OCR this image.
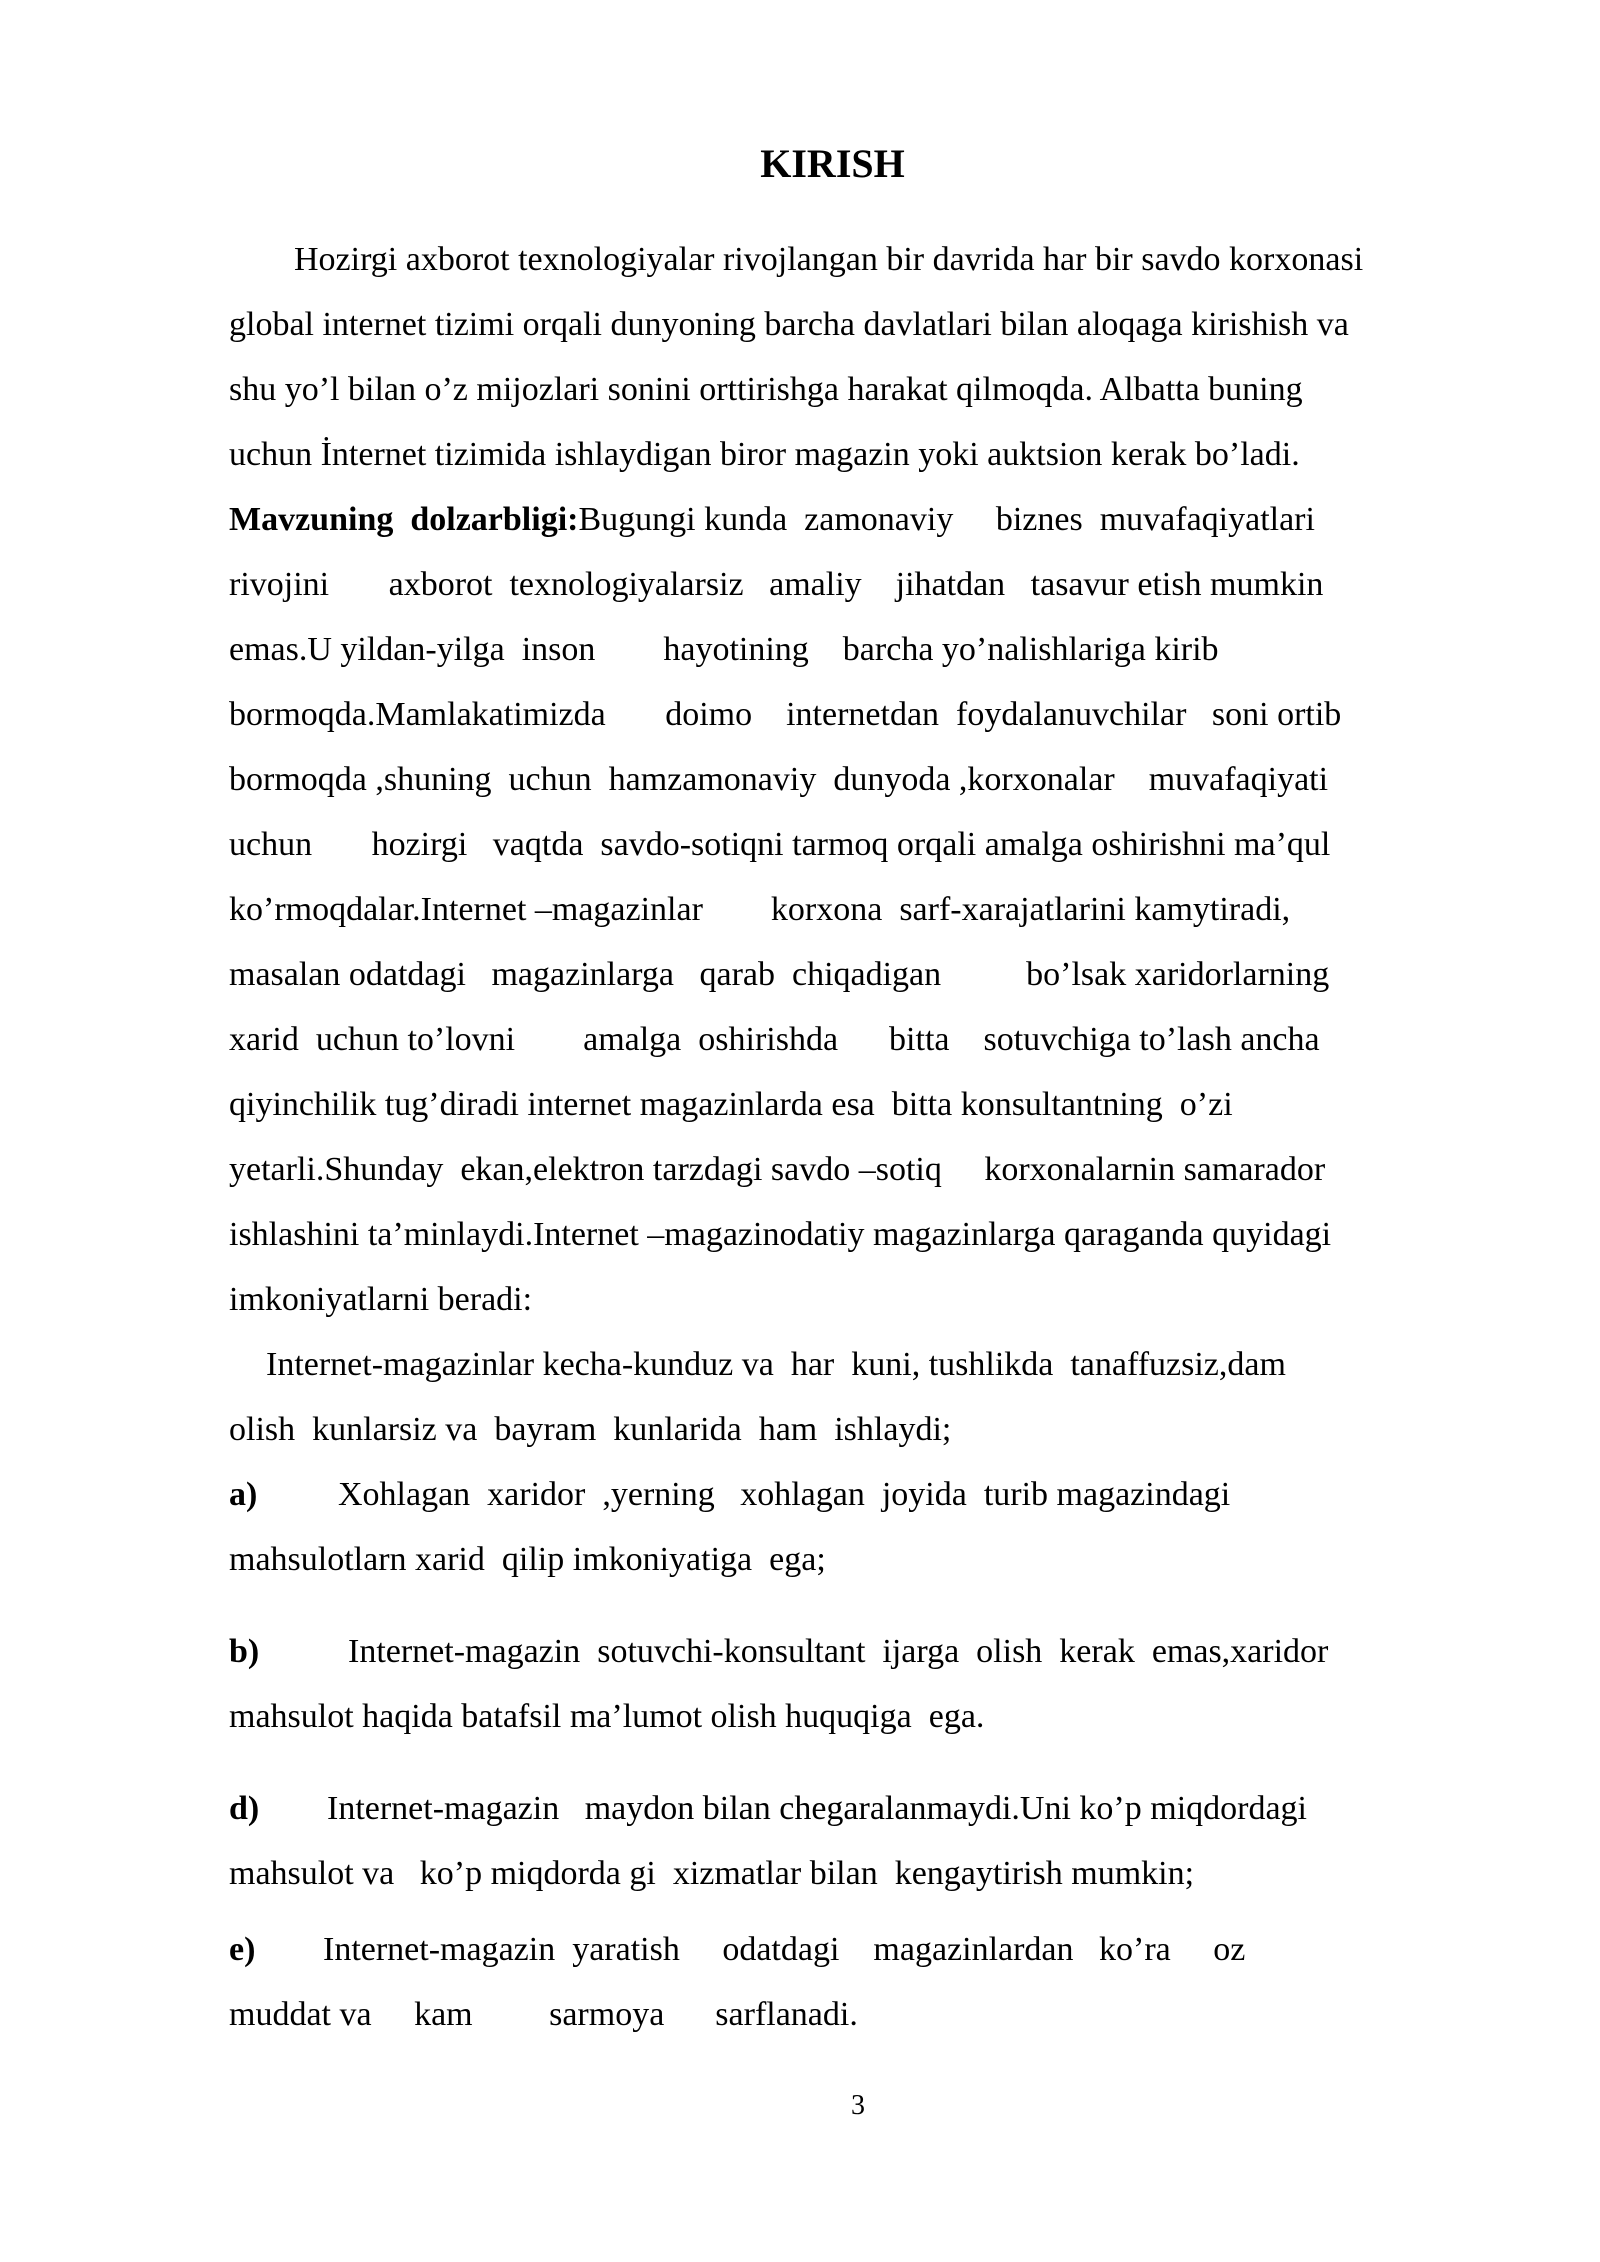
KIRISH
Hozirgi axborot texnologiyalar rivojlangan bir davrida har bir savdo korxonasi
global internet tizimi orqali dunyoning barcha davlatlari bilan aloqaga kirishish va
shu yo’l bilan o’z mijozlari sonini orttirishga harakat qilmoqda. Albatta buning
uchun İnternet tizimida ishlaydigan biror magazin yoki auktsion kerak bo’ladi.
Mavzuning  dolzarbligi:Bugungi kunda  zamonaviy     biznes  muvafaqiyatlari
rivojini       axborot  texnologiyalarsiz   amaliy    jihatdan   tasavur etish mumkin
emas.U yildan-yilga  inson        hayotining    barcha yo’nalishlariga kirib
bormoqda.Mamlakatimizda       doimo    internetdan  foydalanuvchilar   soni ortib
bormoqda ,shuning  uchun  hamzamonaviy  dunyoda ,korxonalar    muvafaqiyati
uchun       hozirgi   vaqtda  savdo-sotiqni tarmoq orqali amalga oshirishni ma’qul
ko’rmoqdalar.Internet –magazinlar        korxona  sarf-xarajatlarini kamytiradi,
masalan odatdagi   magazinlarga   qarab  chiqadigan          bo’lsak xaridorlarning
xarid  uchun to’lovni        amalga  oshirishda      bitta    sotuvchiga to’lash ancha
qiyinchilik tug’diradi internet magazinlarda esa  bitta konsultantning  o’zi
yetarli.Shunday  ekan,elektron tarzdagi savdo –sotiq     korxonalarnin samarador
ishlashini ta’minlaydi.Internet –magazinodatiy magazinlarga qaraganda quyidagi
imkoniyatlarni beradi:
Internet-magazinlar kecha-kunduz va  har  kuni, tushlikda  tanaffuzsiz,dam
olish  kunlarsiz va  bayram  kunlarida  ham  ishlaydi;
a) Xohlagan  xaridor  ,yerning   xohlagan  joyida  turib magazindagi
mahsulotlarn xarid  qilip imkoniyatiga  ega;
b)	Internet-magazin  sotuvchi-konsultant  ijarga  olish  kerak  emas,xaridor
mahsulot haqida batafsil ma’lumot olish huquqiga  ega.
d) Internet-magazin   maydon bilan chegaralanmaydi.Uni ko’p miqdordagi
mahsulot va   ko’p miqdorda gi  xizmatlar bilan  kengaytirish mumkin;
e) Internet-magazin  yaratish     odatdagi    magazinlardan   ko’ra     oz
muddat va     kam         sarmoya      sarflanadi.
3
